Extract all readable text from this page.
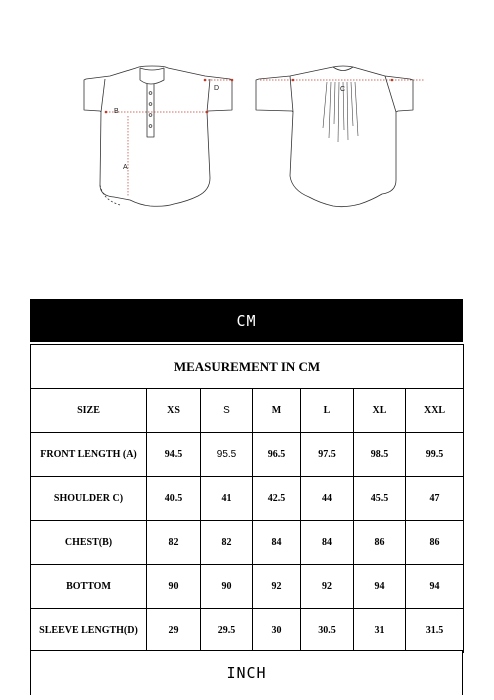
B
A
D	C
CM
MEASUREMENT IN CM						
SIZE	XS	S	M	L	XL	XXL
FRONT LENGTH (A)	94.5	95.5	96.5	97.5	98.5	99.5
SHOULDER C)	40.5	41	42.5	44	45.5	47
CHEST(B)	82	82	84	84	86	86
BOTTOM	90	90	92	92	94	94
SLEEVE LENGTH(D)	29	29.5	30	30.5	31	31.5
INCH
